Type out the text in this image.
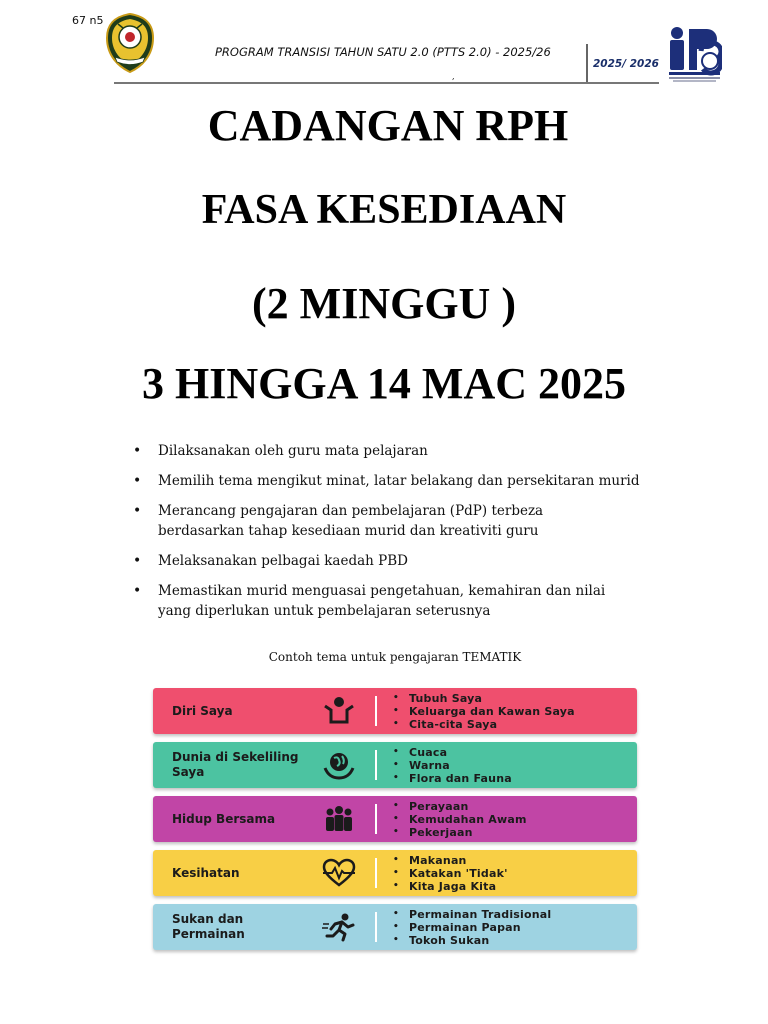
67 n5
PROGRAM TRANSISI TAHUN SATU 2.0 (PTTS 2.0) - 2025/26
,
2025/ 2026
CADANGAN RPH
FASA KESEDIAAN
(2 MINGGU )
3 HINGGA 14 MAC 2025
• Dilaksanakan oleh guru mata pelajaran
• Memilih tema mengikut minat, latar belakang dan persekitaran murid
• Merancang pengajaran dan pembelajaran (PdP) terbeza
berdasarkan tahap kesediaan murid dan kreativiti guru
• Melaksanakan pelbagai kaedah PBD
• Memastikan murid menguasai pengetahuan, kemahiran dan nilai
yang diperlukan untuk pembelajaran seterusnya
Contoh tema untuk pengajaran TEMATIK
Diri Saya
• Tubuh Saya
• Keluarga dan Kawan Saya
• Cita-cita Saya
Dunia di Sekeliling
Saya
• Cuaca
• Warna
• Flora dan Fauna
Hidup Bersama
• Perayaan
• Kemudahan Awam
• Pekerjaan
Kesihatan
• Makanan
• Katakan 'Tidak'
• Kita Jaga Kita
Sukan dan
Permainan
• Permainan Tradisional
• Permainan Papan
• Tokoh Sukan
